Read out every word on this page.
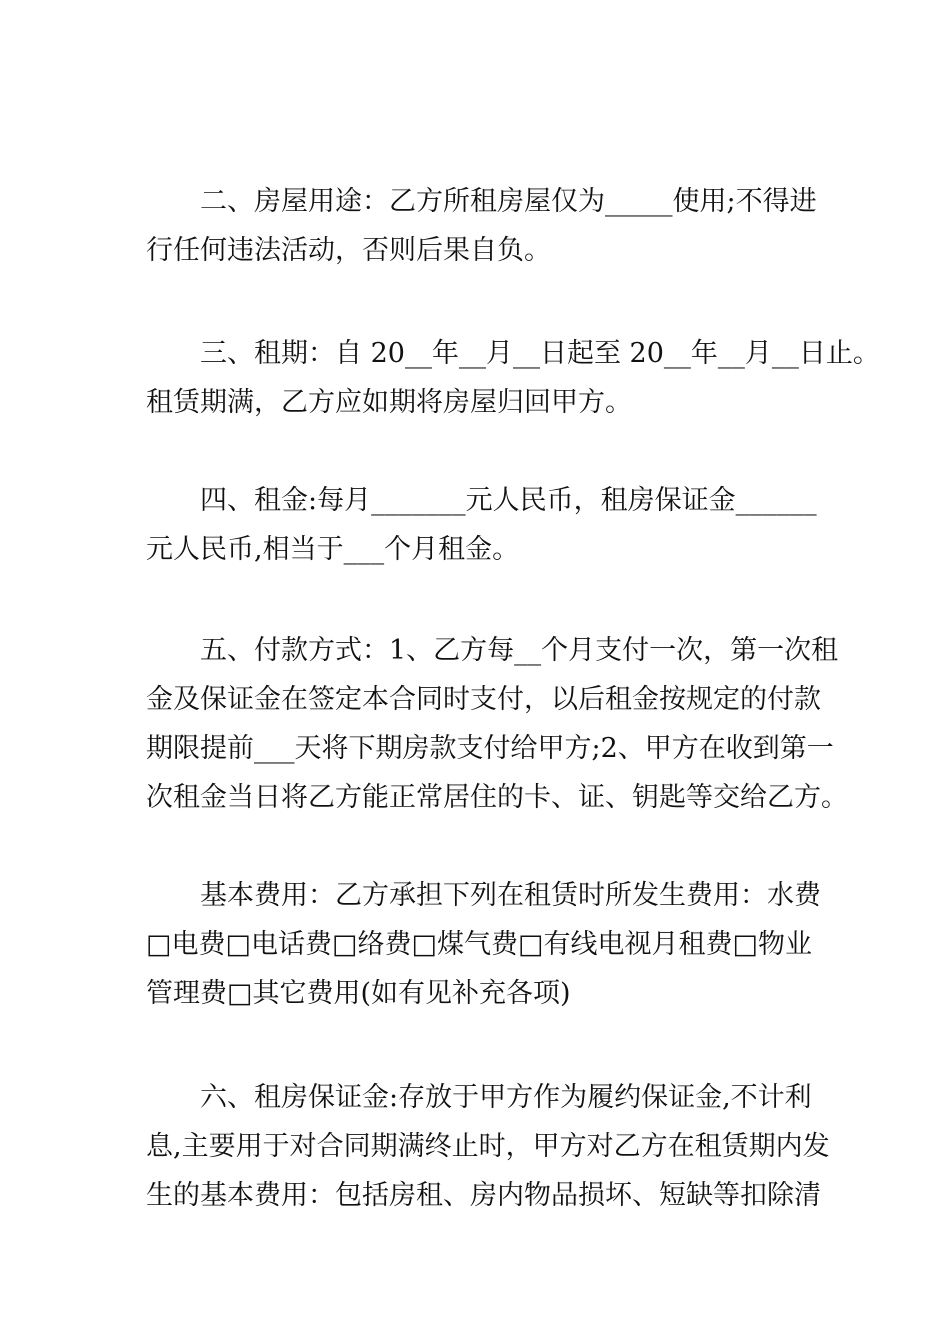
二、房屋用途：乙方所租房屋仅为_____使用;不得进
行任何违法活动，否则后果自负。
三、租期：自 20__年__月__日起至 20__年__月__日止。
租赁期满，乙方应如期将房屋归回甲方。
四、租金:每月_______元人民币，租房保证金______
元人民币,相当于___个月租金。
五、付款方式：1、乙方每__个月支付一次，第一次租
金及保证金在签定本合同时支付，以后租金按规定的付款
期限提前___天将下期房款支付给甲方;2、甲方在收到第一
次租金当日将乙方能正常居住的卡、证、钥匙等交给乙方。
基本费用：乙方承担下列在租赁时所发生费用：水费
□电费□电话费□络费□煤气费□有线电视月租费□物业
管理费□其它费用(如有见补充各项)
六、租房保证金:存放于甲方作为履约保证金,不计利
息,主要用于对合同期满终止时，甲方对乙方在租赁期内发
生的基本费用：包括房租、房内物品损坏、短缺等扣除清
